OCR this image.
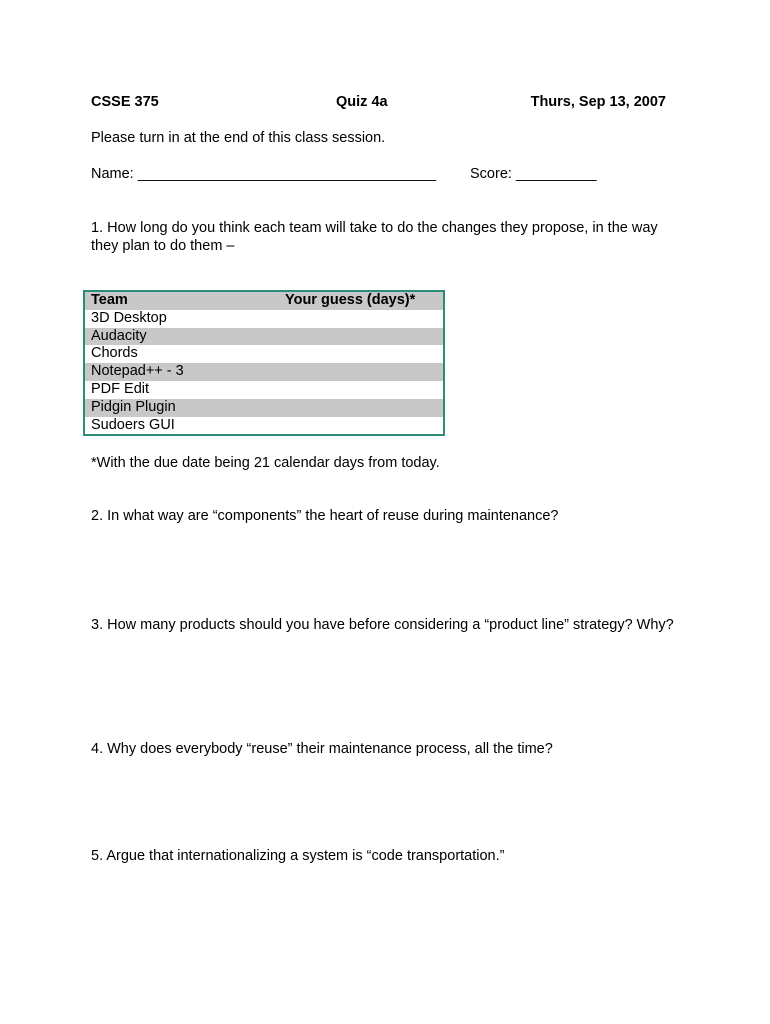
CSSE 375	Quiz 4a	Thurs, Sep 13, 2007
Please turn in at the end of this class session.
Name: _____________________________________ Score: __________
1. How long do you think each team will take to do the changes they propose, in the way they plan to do them –
Team	Your guess (days)*
3D Desktop	
Audacity	
Chords	
Notepad++ - 3	
PDF Edit	
Pidgin Plugin	
Sudoers GUI	
*With the due date being 21 calendar days from today.
2. In what way are “components” the heart of reuse during maintenance?
3. How many products should you have before considering a “product line” strategy? Why?
4. Why does everybody “reuse” their maintenance process, all the time?
5. Argue that internationalizing a system is “code transportation.”
